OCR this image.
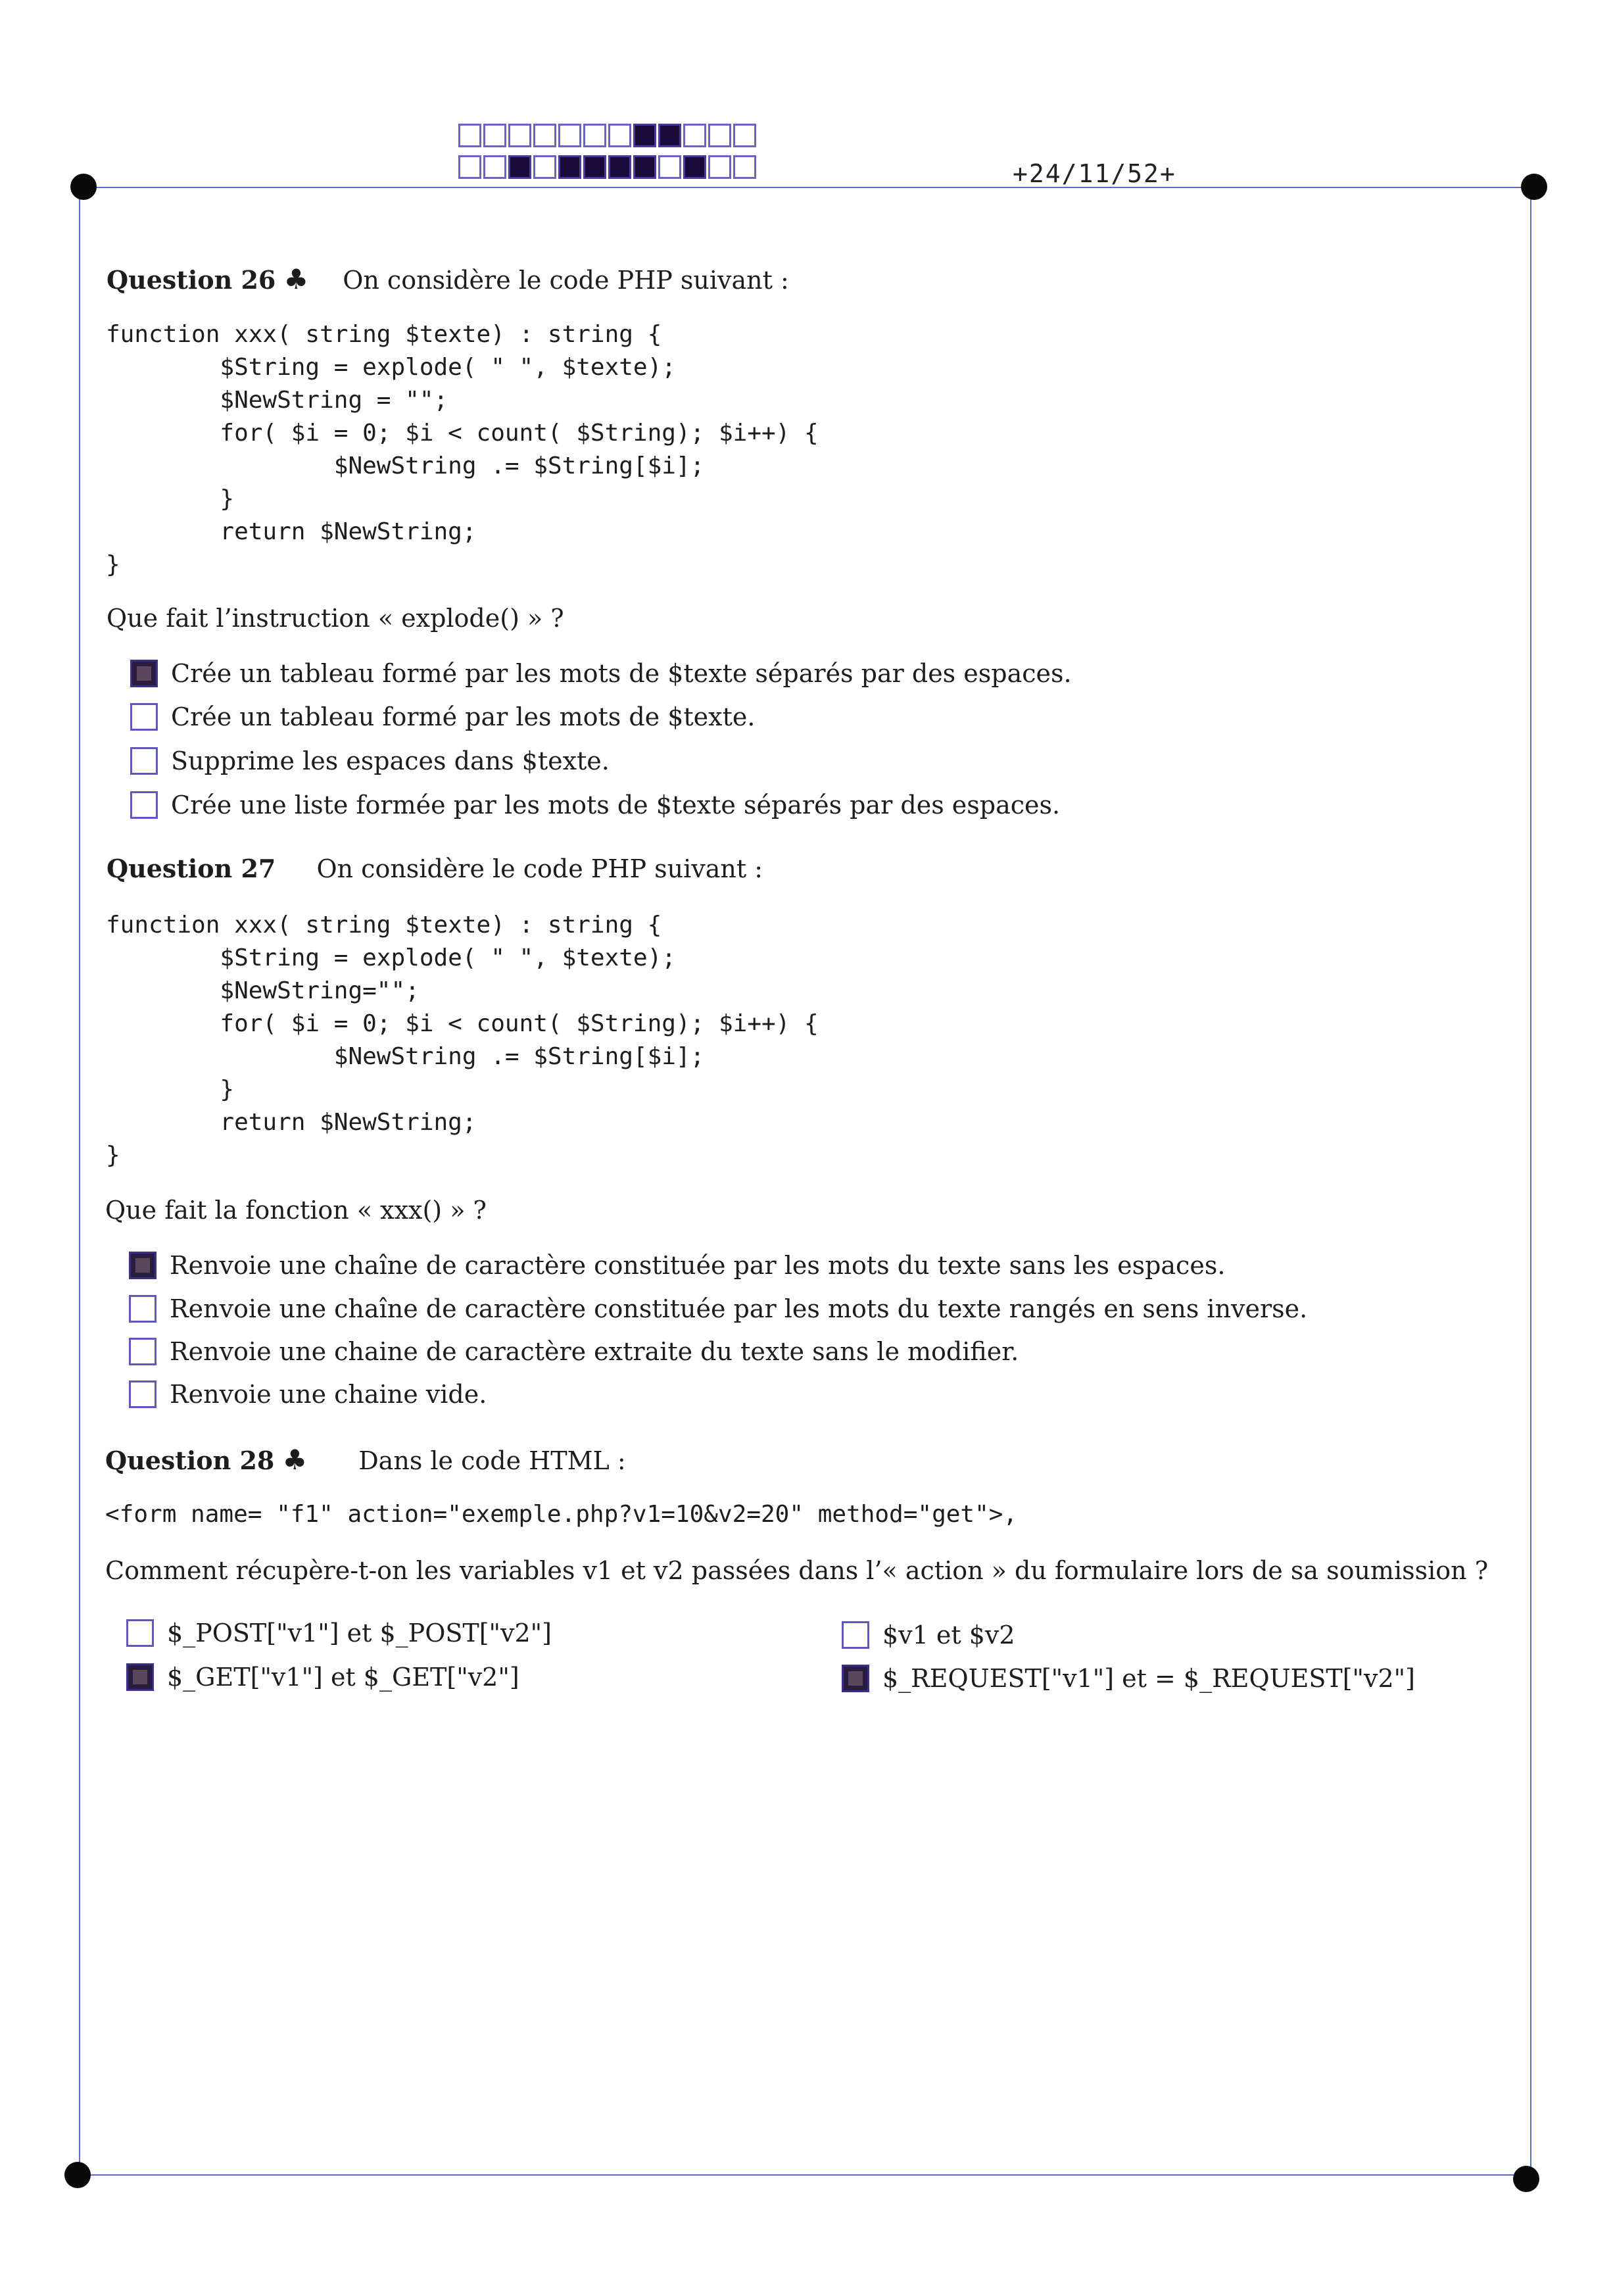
+24/11/52+
Question 26 ♣ On considère le code PHP suivant :
function xxx( string $texte) : string {
$String = explode( " ", $texte);
$NewString = "";
for( $i = 0; $i < count( $String); $i++) {
$NewString .= $String[$i];
}
return $NewString;
}
Que fait l’instruction « explode() » ?
Crée un tableau formé par les mots de $texte séparés par des espaces.
Crée un tableau formé par les mots de $texte.
Supprime les espaces dans $texte.
Crée une liste formée par les mots de $texte séparés par des espaces.
Question 27 On considère le code PHP suivant :
function xxx( string $texte) : string {
$String = explode( " ", $texte);
$NewString="";
for( $i = 0; $i < count( $String); $i++) {
$NewString .= $String[$i];
}
return $NewString;
}
Que fait la fonction « xxx() » ?
Renvoie une chaîne de caractère constituée par les mots du texte sans les espaces.
Renvoie une chaîne de caractère constituée par les mots du texte rangés en sens inverse.
Renvoie une chaine de caractère extraite du texte sans le modifier.
Renvoie une chaine vide.
Question 28 ♣ Dans le code HTML :
<form name= "f1" action="exemple.php?v1=10&v2=20" method="get">,
Comment récupère-t-on les variables v1 et v2 passées dans l’« action » du formulaire lors de sa soumission ?
$_POST["v1"] et $_POST["v2"]	$v1 et $v2
$_GET["v1"] et $_GET["v2"]	$_REQUEST["v1"] et = $_REQUEST["v2"]
